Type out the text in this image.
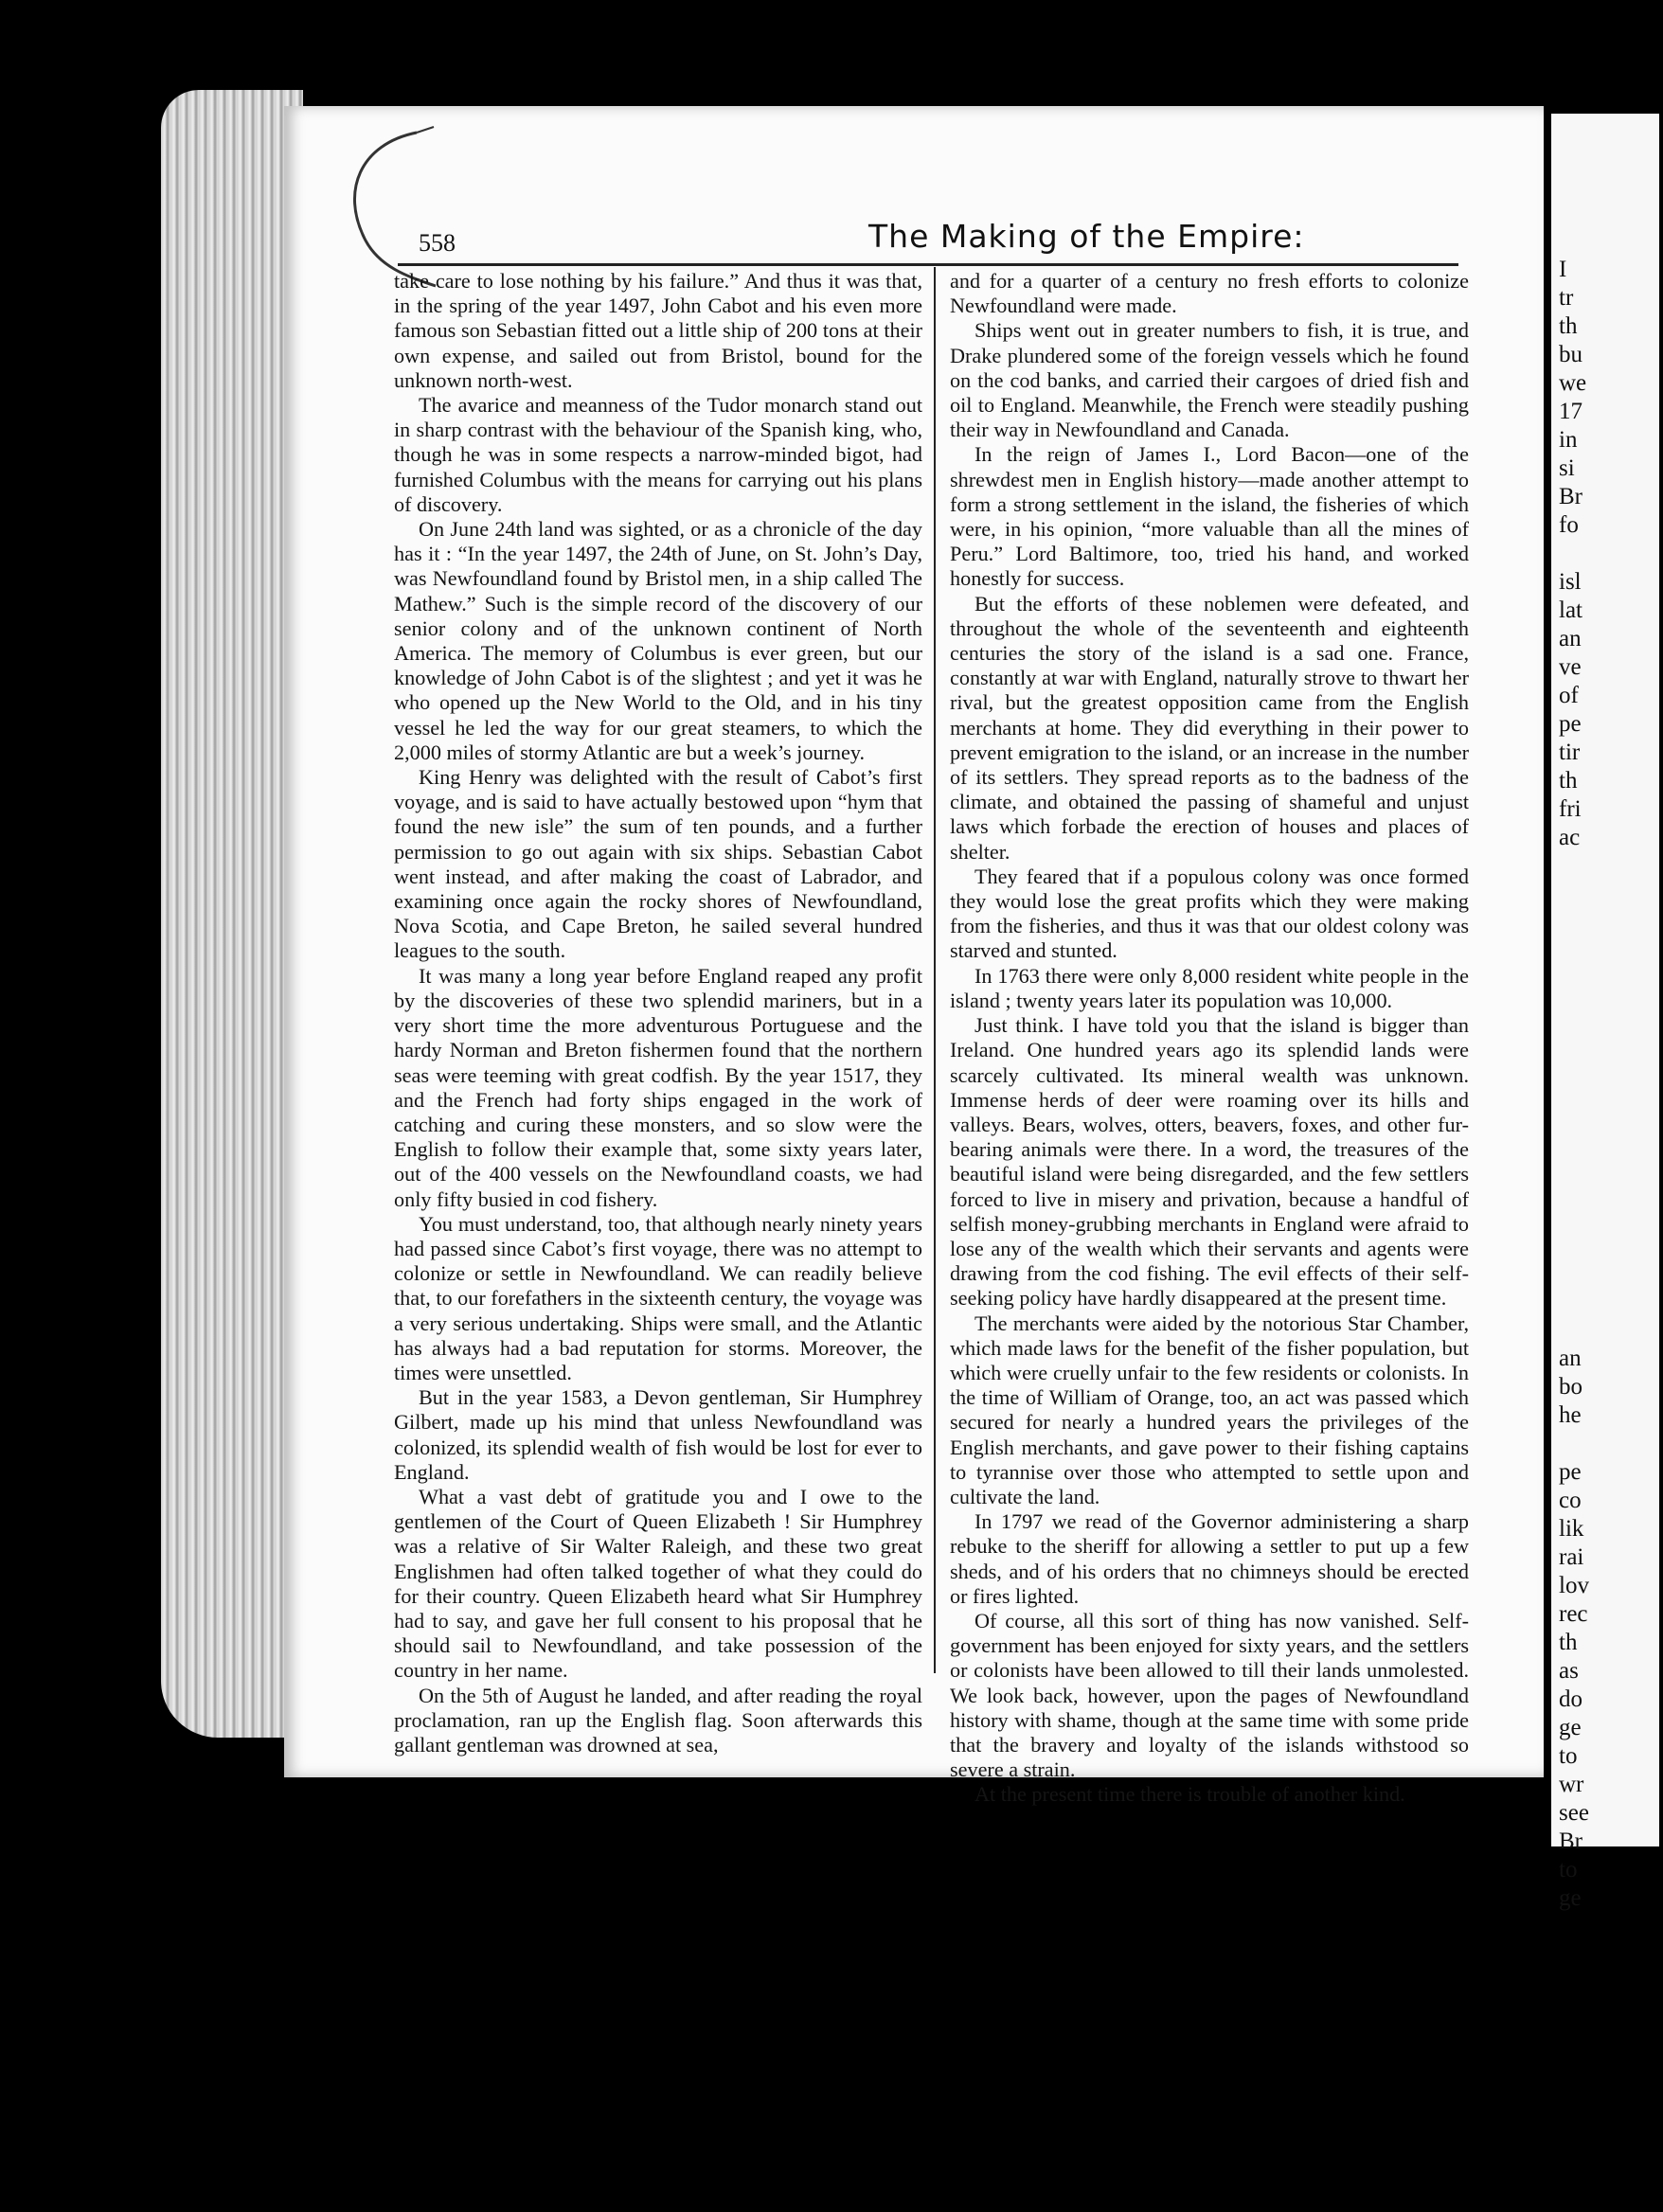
558	The Making of the Empire:

take care to lose nothing by his failure.” And thus it was that, in the spring of the year 1497, John Cabot and his even more famous son Sebastian fitted out a little ship of 200 tons at their own expense, and sailed out from Bristol, bound for the unknown north-west.

The avarice and meanness of the Tudor monarch stand out in sharp contrast with the behaviour of the Spanish king, who, though he was in some respects a narrow-minded bigot, had furnished Columbus with the means for carrying out his plans of discovery.

On June 24th land was sighted, or as a chronicle of the day has it : “In the year 1497, the 24th of June, on St. John’s Day, was Newfoundland found by Bristol men, in a ship called The Mathew.” Such is the simple record of the discovery of our senior colony and of the unknown continent of North America. The memory of Columbus is ever green, but our knowledge of John Cabot is of the slightest ; and yet it was he who opened up the New World to the Old, and in his tiny vessel he led the way for our great steamers, to which the 2,000 miles of stormy Atlantic are but a week’s journey.

King Henry was delighted with the result of Cabot’s first voyage, and is said to have actually bestowed upon “hym that found the new isle” the sum of ten pounds, and a further permission to go out again with six ships. Sebastian Cabot went instead, and after making the coast of Labrador, and examining once again the rocky shores of Newfoundland, Nova Scotia, and Cape Breton, he sailed several hundred leagues to the south.

It was many a long year before England reaped any profit by the discoveries of these two splendid mariners, but in a very short time the more adventurous Portuguese and the hardy Norman and Breton fishermen found that the northern seas were teeming with great codfish. By the year 1517, they and the French had forty ships engaged in the work of catching and curing these monsters, and so slow were the English to follow their example that, some sixty years later, out of the 400 vessels on the Newfoundland coasts, we had only fifty busied in cod fishery.

You must understand, too, that although nearly ninety years had passed since Cabot’s first voyage, there was no attempt to colonize or settle in Newfoundland. We can readily believe that, to our forefathers in the sixteenth century, the voyage was a very serious undertaking. Ships were small, and the Atlantic has always had a bad reputation for storms. Moreover, the times were unsettled.

But in the year 1583, a Devon gentleman, Sir Humphrey Gilbert, made up his mind that unless Newfoundland was colonized, its splendid wealth of fish would be lost for ever to England.

What a vast debt of gratitude you and I owe to the gentlemen of the Court of Queen Elizabeth ! Sir Humphrey was a relative of Sir Walter Raleigh, and these two great Englishmen had often talked together of what they could do for their country. Queen Elizabeth heard what Sir Humphrey had to say, and gave her full consent to his proposal that he should sail to Newfoundland, and take possession of the country in her name.

On the 5th of August he landed, and after reading the royal proclamation, ran up the English flag. Soon afterwards this gallant gentleman was drowned at sea,

and for a quarter of a century no fresh efforts to colonize Newfoundland were made.

Ships went out in greater numbers to fish, it is true, and Drake plundered some of the foreign vessels which he found on the cod banks, and carried their cargoes of dried fish and oil to England. Meanwhile, the French were steadily pushing their way in Newfoundland and Canada.

In the reign of James I., Lord Bacon—one of the shrewdest men in English history—made another attempt to form a strong settlement in the island, the fisheries of which were, in his opinion, “more valuable than all the mines of Peru.” Lord Baltimore, too, tried his hand, and worked honestly for success.

But the efforts of these noblemen were defeated, and throughout the whole of the seventeenth and eighteenth centuries the story of the island is a sad one. France, constantly at war with England, naturally strove to thwart her rival, but the greatest opposition came from the English merchants at home. They did everything in their power to prevent emigration to the island, or an increase in the number of its settlers. They spread reports as to the badness of the climate, and obtained the passing of shameful and unjust laws which forbade the erection of houses and places of shelter.

They feared that if a populous colony was once formed they would lose the great profits which they were making from the fisheries, and thus it was that our oldest colony was starved and stunted.

In 1763 there were only 8,000 resident white people in the island ; twenty years later its population was 10,000.

Just think. I have told you that the island is bigger than Ireland. One hundred years ago its splendid lands were scarcely cultivated. Its mineral wealth was unknown. Immense herds of deer were roaming over its hills and valleys. Bears, wolves, otters, beavers, foxes, and other fur-bearing animals were there. In a word, the treasures of the beautiful island were being disregarded, and the few settlers forced to live in misery and privation, because a handful of selfish money-grubbing merchants in England were afraid to lose any of the wealth which their servants and agents were drawing from the cod fishing. The evil effects of their self-seeking policy have hardly disappeared at the present time.

The merchants were aided by the notorious Star Chamber, which made laws for the benefit of the fisher population, but which were cruelly unfair to the few residents or colonists. In the time of William of Orange, too, an act was passed which secured for nearly a hundred years the privileges of the English merchants, and gave power to their fishing captains to tyrannise over those who attempted to settle upon and cultivate the land.

In 1797 we read of the Governor administering a sharp rebuke to the sheriff for allowing a settler to put up a few sheds, and of his orders that no chimneys should be erected or fires lighted.

Of course, all this sort of thing has now vanished. Self-government has been enjoyed for sixty years, and the settlers or colonists have been allowed to till their lands unmolested. We look back, however, upon the pages of Newfoundland history with shame, though at the same time with some pride that the bravery and loyalty of the islands withstood so severe a strain.

At the present time there is trouble of another kind.

I
tr
th
bu
we
17
in
si
Br
fo
isl
lat
an
ve
of
pe
tir
th
fri
ac
an
bo
he
pe
co
lik
rai
lov
rec
th
as
do
ge
to
wr
see
Br
to
ge
